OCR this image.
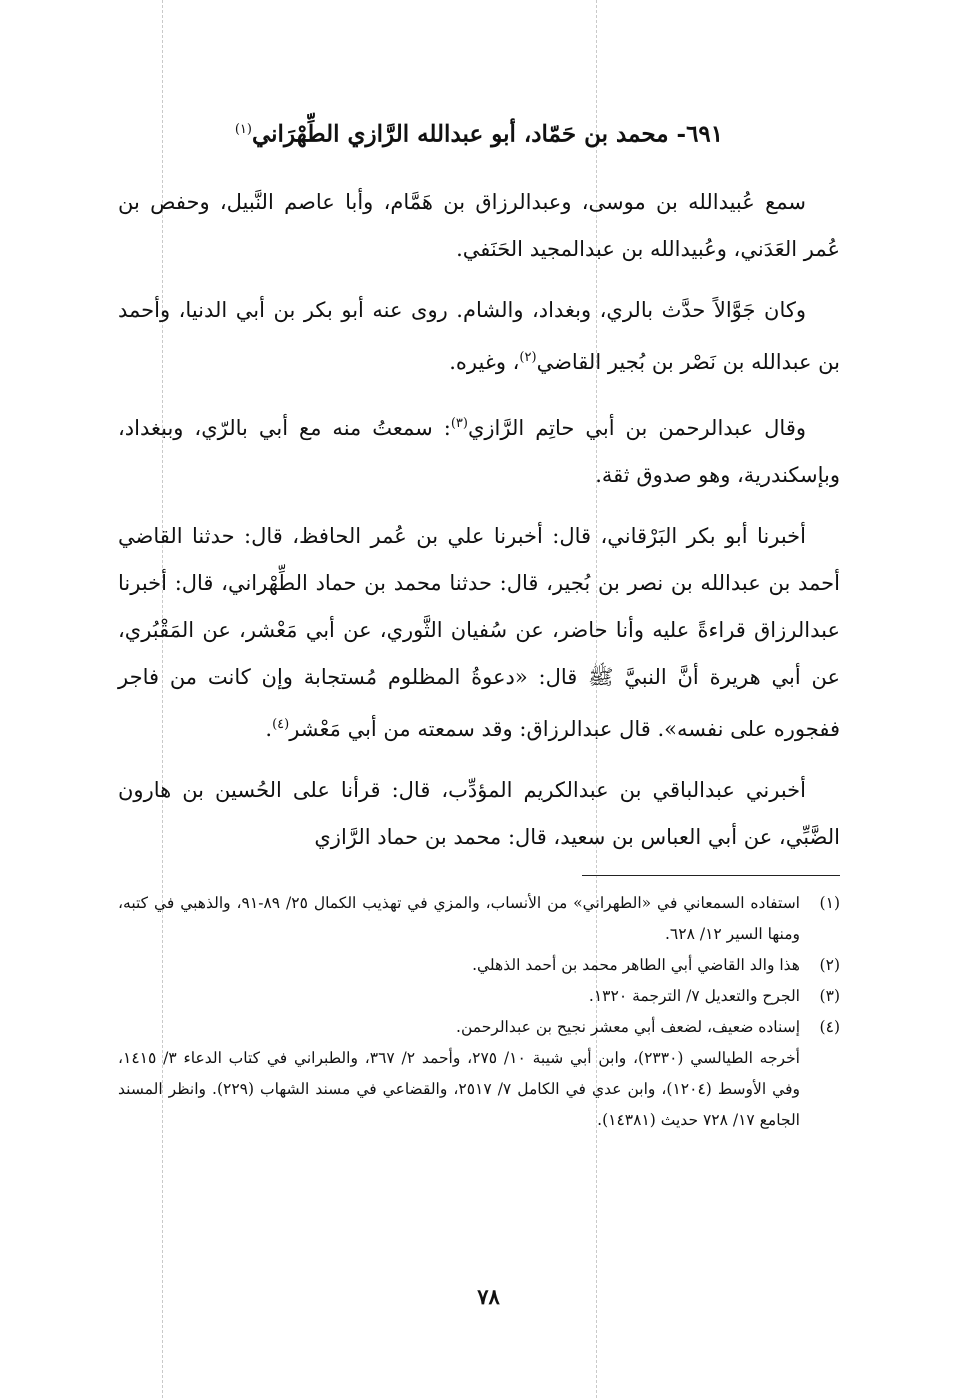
٦٩١- محمد بن حَمّاد، أبو عبدالله الرَّازي الطِّهْرَاني$^{(١)}$

سمع عُبيدالله بن موسى، وعبدالرزاق بن هَمَّام، وأبا عاصم النَّبيل، وحفص بن عُمر العَدَني، وعُبيدالله بن عبدالمجيد الحَنَفي.

وكان جَوَّالاً حدَّث بالري، وبغداد، والشام. روى عنه أبو بكر بن أبي الدنيا، وأحمد بن عبدالله بن نَصْر بن بُجير القاضي$^{(٢)}$، وغيره.

وقال عبدالرحمن بن أبي حاتِم الرَّازي$^{(٣)}$: سمعتُ منه مع أبي بالرّي، وببغداد، وبإسكندرية، وهو صدوق ثقة.

أخبرنا أبو بكر البَرْقاني، قال: أخبرنا علي بن عُمر الحافظ، قال: حدثنا القاضي أحمد بن عبدالله بن نصر بن بُجير، قال: حدثنا محمد بن حماد الطِّهْراني، قال: أخبرنا عبدالرزاق قراءةً عليه وأنا حاضر، عن سُفيان الثَّوري، عن أبي مَعْشر، عن المَقْبُري، عن أبي هريرة أنَّ النبيَّ ﷺ قال: «دعوةُ المظلوم مُستجابة وإن كانت من فاجر ففجوره على نفسه». قال عبدالرزاق: وقد سمعته من أبي مَعْشر$^{(٤)}$.

أخبرني عبدالباقي بن عبدالكريم المؤدِّب، قال: قرأنا على الحُسين بن هارون الضَّبِّي، عن أبي العباس بن سعيد، قال: محمد بن حماد الرَّازي

(١)
استفاده السمعاني في «الطهراني» من الأنساب، والمزي في تهذيب الكمال ٢٥/ ٨٩-٩١، والذهبي في كتبه، ومنها السير ١٢/ ٦٢٨.
(٢)
هذا والد القاضي أبي الطاهر محمد بن أحمد الذهلي.
(٣)
الجرح والتعديل ٧/ الترجمة ١٣٢٠.
(٤)
إسناده ضعيف، لضعف أبي معشر نجيح بن عبدالرحمن.
أخرجه الطيالسي (٢٣٣٠)، وابن أبي شيبة ١٠/ ٢٧٥، وأحمد ٢/ ٣٦٧، والطبراني في كتاب الدعاء ٣/ ١٤١٥، وفي الأوسط (١٢٠٤)، وابن عدي في الكامل ٧/ ٢٥١٧، والقضاعي في مسند الشهاب (٢٢٩). وانظر المسند الجامع ١٧/ ٧٢٨ حديث (١٤٣٨١).
٧٨
